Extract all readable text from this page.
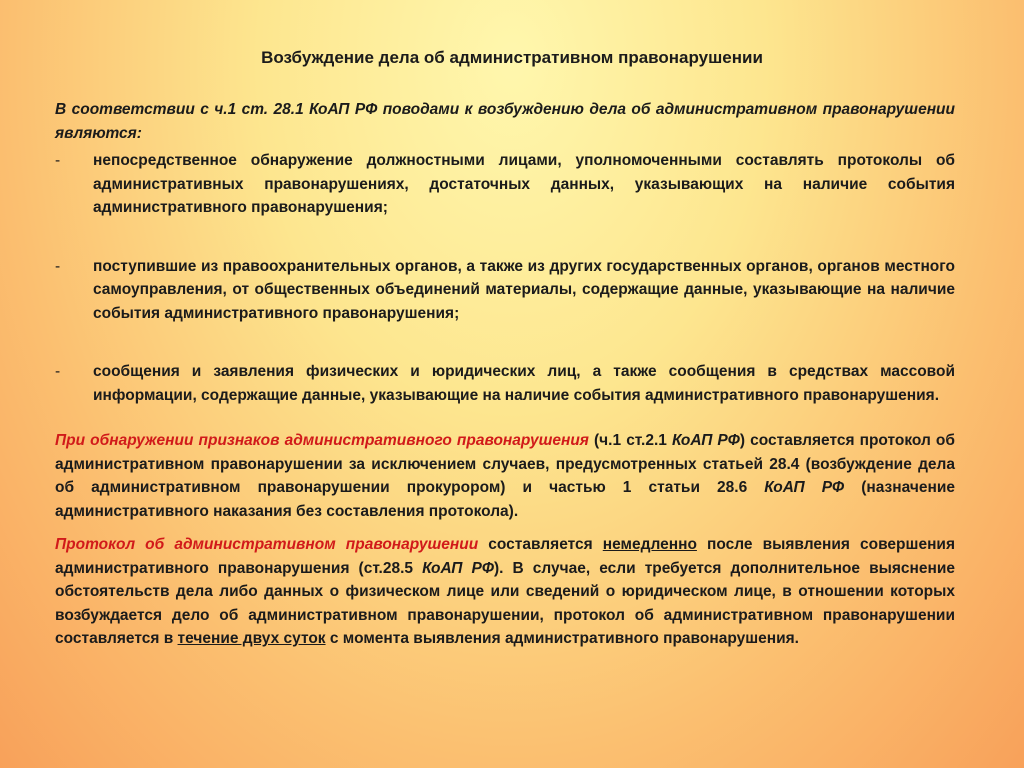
Возбуждение дела об административном правонарушении

В соответствии с ч.1 ст. 28.1 КоАП РФ поводами к возбуждению дела об административном правонарушении являются:

- непосредственное обнаружение должностными лицами, уполномоченными составлять протоколы об административных правонарушениях, достаточных данных, указывающих на наличие события административного правонарушения;
- поступившие из правоохранительных органов, а также из других государственных органов, органов местного самоуправления, от общественных объединений материалы, содержащие данные, указывающие на наличие события административного правонарушения;
- сообщения и заявления физических и юридических лиц, а также сообщения в средствах массовой информации, содержащие данные, указывающие на наличие события административного правонарушения.

При обнаружении признаков административного правонарушения (ч.1 ст.2.1 КоАП РФ) составляется протокол об административном правонарушении за исключением случаев, предусмотренных статьей 28.4 (возбуждение дела об административном правонарушении прокурором) и частью 1 статьи 28.6 КоАП РФ (назначение административного наказания без составления протокола).

Протокол об административном правонарушении составляется немедленно после выявления совершения административного правонарушения (ст.28.5 КоАП РФ). В случае, если требуется дополнительное выяснение обстоятельств дела либо данных о физическом лице или сведений о юридическом лице, в отношении которых возбуждается дело об административном правонарушении, протокол об административном правонарушении составляется в течение двух суток с момента выявления административного правонарушения.
